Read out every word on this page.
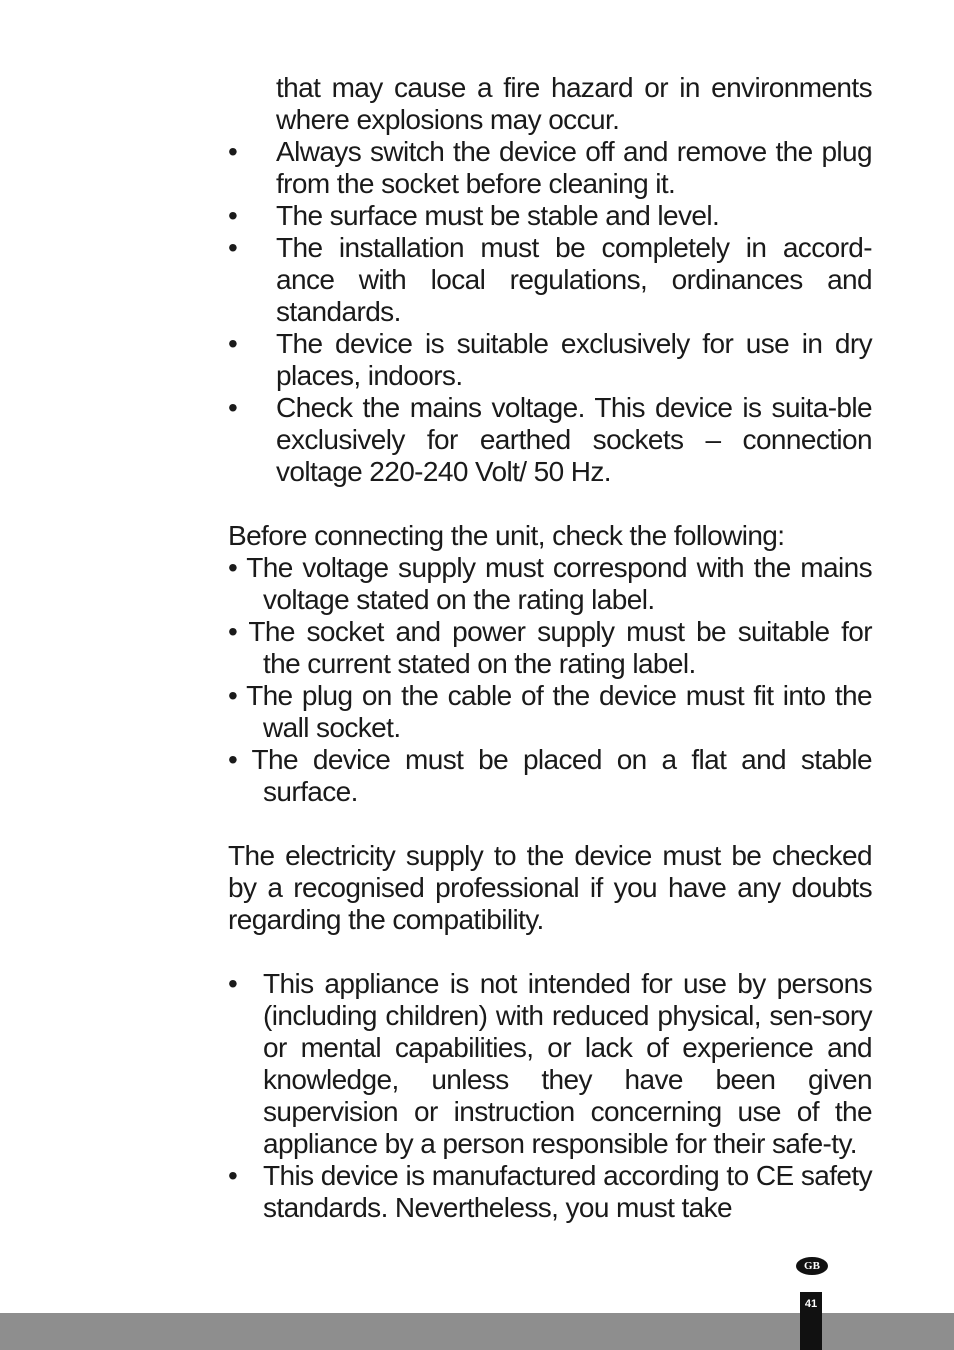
that may cause a fire hazard or in environments where explosions may occur.
• Always switch the device off and remove the plug from the socket before cleaning it.
• The surface must be stable and level.
• The installation must be completely in accord-ance with local regulations, ordinances and standards.
• The device is suitable exclusively for use in dry places, indoors.
• Check the mains voltage. This device is suita-ble exclusively for earthed sockets – connection voltage 220-240 Volt/ 50 Hz.
Before connecting the unit, check the following:
• The voltage supply must correspond with the mains voltage stated on the rating label.
• The socket and power supply must be suitable for the current stated on the rating label.
• The plug on the cable of the device must fit into the wall socket.
• The device must be placed on a flat and stable surface.
The electricity supply to the device must be checked by a recognised professional if you have any doubts regarding the compatibility.
• This appliance is not intended for use by persons (including children) with reduced physical, sen-sory or mental capabilities, or lack of experience and knowledge, unless they have been given supervision or instruction concerning use of the appliance by a person responsible for their safe-ty.
• This device is manufactured according to CE safety standards. Nevertheless, you must take
GB
41
